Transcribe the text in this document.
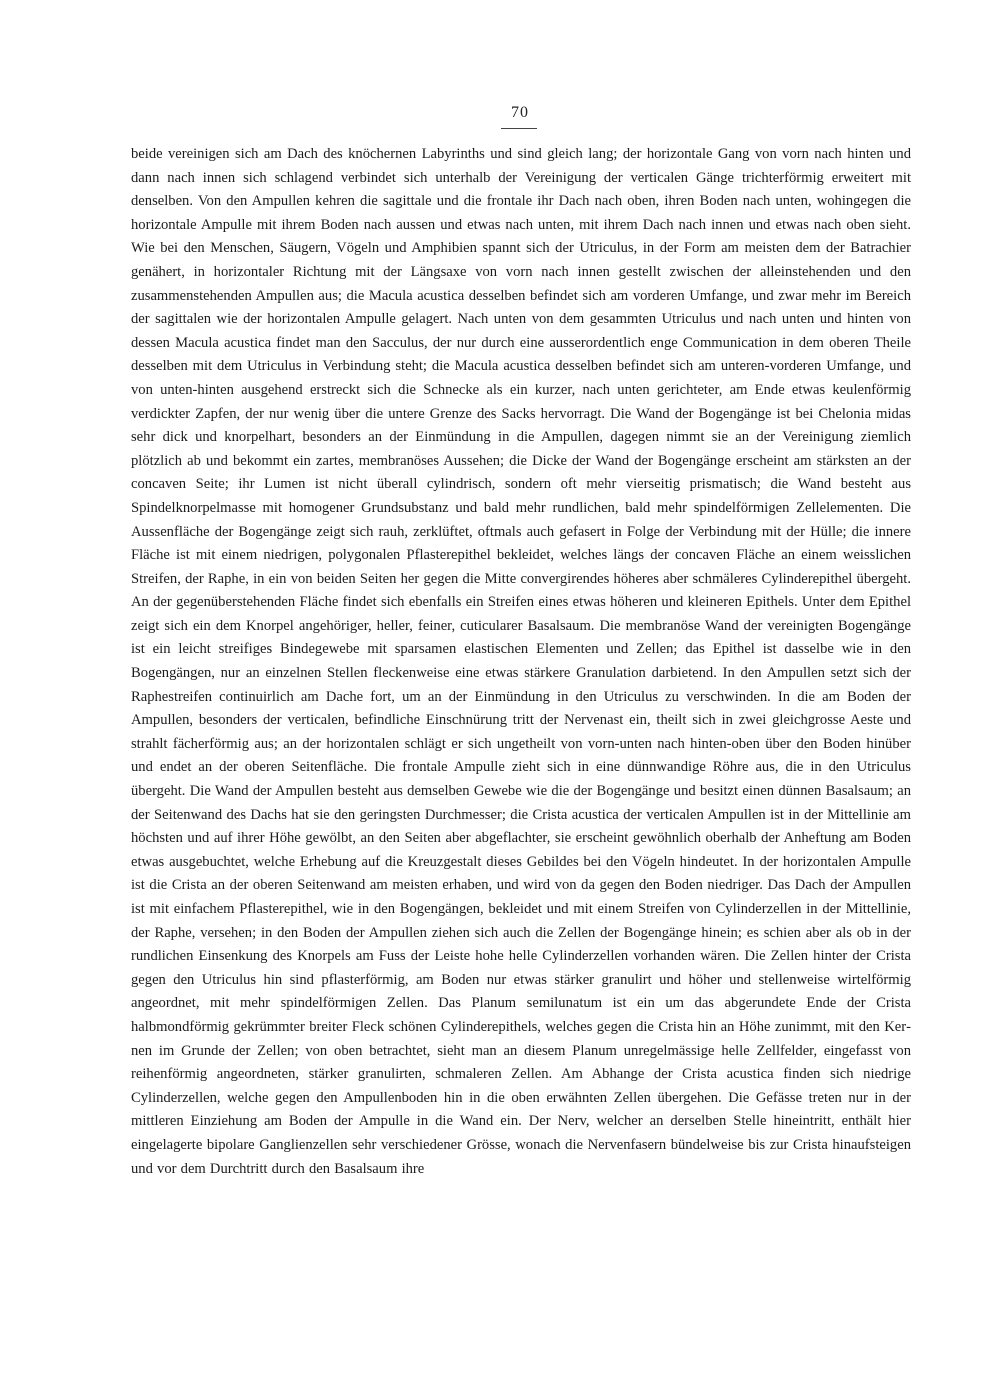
70

beide vereinigen sich am Dach des knöchernen Labyrinths und sind gleich lang; der horizontale Gang von vorn nach hinten und dann nach innen sich schlagend verbindet sich unterhalb der Vereinigung der verticalen Gänge trichterförmig erweitert mit denselben. Von den Ampullen kehren die sagittale und die frontale ihr Dach nach oben, ihren Boden nach unten, wohingegen die horizontale Ampulle mit ihrem Boden nach aussen und etwas nach unten, mit ihrem Dach nach innen und etwas nach oben sieht. Wie bei den Menschen, Säugern, Vögeln und Amphibien spannt sich der Utriculus, in der Form am meisten dem der Batrachier genähert, in horizontaler Richtung mit der Längsaxe von vorn nach innen gestellt zwischen der alleinstehenden und den zusammenstehenden Ampullen aus; die Macula acustica desselben befindet sich am vorderen Umfange, und zwar mehr im Bereich der sagittalen wie der horizontalen Ampulle gelagert. Nach unten von dem gesammten Utriculus und nach unten und hinten von dessen Macula acustica findet man den Sacculus, der nur durch eine ausserordentlich enge Communication in dem oberen Theile desselben mit dem Utriculus in Verbindung steht; die Macula acustica desselben befindet sich am unteren-vorderen Umfange, und von unten-hinten ausgehend erstreckt sich die Schnecke als ein kurzer, nach unten gerichteter, am Ende etwas keulenförmig verdickter Zapfen, der nur wenig über die untere Grenze des Sacks hervorragt. Die Wand der Bogengänge ist bei Chelonia midas sehr dick und knorpelhart, besonders an der Einmündung in die Ampullen, dagegen nimmt sie an der Vereinigung ziemlich plötzlich ab und bekommt ein zartes, membranöses Aussehen; die Dicke der Wand der Bogengänge erscheint am stärksten an der concaven Seite; ihr Lumen ist nicht überall cylindrisch, sondern oft mehr vierseitig prismatisch; die Wand besteht aus Spindelknorpelmasse mit homogener Grundsubstanz und bald mehr rundlichen, bald mehr spindelförmigen Zellelementen. Die Aussenfläche der Bogengänge zeigt sich rauh, zerklüftet, oftmals auch gefasert in Folge der Verbindung mit der Hülle; die innere Fläche ist mit einem niedrigen, polygonalen Pflasterepithel bekleidet, welches längs der concaven Fläche an einem weisslichen Streifen, der Raphe, in ein von beiden Seiten her gegen die Mitte convergirendes höheres aber schmäleres Cylinderepithel übergeht. An der gegenüberstehenden Fläche findet sich ebenfalls ein Streifen eines etwas höheren und kleineren Epithels. Unter dem Epithel zeigt sich ein dem Knorpel angehöriger, heller, feiner, cuticularer Basalsaum. Die membranöse Wand der vereinigten Bogengänge ist ein leicht streifiges Bindegewebe mit sparsamen elastischen Elementen und Zellen; das Epithel ist dasselbe wie in den Bogengängen, nur an einzelnen Stellen fleckenweise eine etwas stärkere Granulation darbietend. In den Ampullen setzt sich der Raphestreifen continuirlich am Dache fort, um an der Einmündung in den Utriculus zu verschwinden. In die am Boden der Ampullen, besonders der verticalen, befindliche Einschnürung tritt der Nervenast ein, theilt sich in zwei gleichgrosse Aeste und strahlt fächerförmig aus; an der horizontalen schlägt er sich ungetheilt von vorn-unten nach hinten-oben über den Boden hinüber und endet an der oberen Seitenfläche. Die frontale Ampulle zieht sich in eine dünnwandige Röhre aus, die in den Utriculus übergeht. Die Wand der Ampullen besteht aus demselben Gewebe wie die der Bogengänge und besitzt einen dünnen Basalsaum; an der Seitenwand des Dachs hat sie den geringsten Durchmesser; die Crista acustica der verticalen Ampullen ist in der Mittellinie am höchsten und auf ihrer Höhe gewölbt, an den Seiten aber abgeflachter, sie erscheint gewöhnlich oberhalb der Anheftung am Boden etwas ausgebuchtet, welche Erhebung auf die Kreuzgestalt dieses Gebildes bei den Vögeln hindeutet. In der horizontalen Ampulle ist die Crista an der oberen Seitenwand am meisten erhaben, und wird von da gegen den Boden niedriger. Das Dach der Ampullen ist mit einfachem Pflasterepithel, wie in den Bogengängen, bekleidet und mit einem Streifen von Cylinderzellen in der Mittellinie, der Raphe, versehen; in den Boden der Ampullen ziehen sich auch die Zellen der Bogengänge hinein; es schien aber als ob in der rundlichen Einsenkung des Knorpels am Fuss der Leiste hohe helle Cylinderzellen vorhanden wären. Die Zellen hinter der Crista gegen den Utriculus hin sind pflasterförmig, am Boden nur etwas stärker granulirt und höher und stellenweise wirtelförmig angeordnet, mit mehr spindelförmigen Zellen. Das Planum semilunatum ist ein um das abgerundete Ende der Crista halbmondförmig gekrümmter breiter Fleck schönen Cylinderepithels, welches gegen die Crista hin an Höhe zunimmt, mit den Kernen im Grunde der Zellen; von oben betrachtet, sieht man an diesem Planum unregelmässige helle Zellfelder, eingefasst von reihenförmig angeordneten, stärker granulirten, schmaleren Zellen. Am Abhange der Crista acustica finden sich niedrige Cylinderzellen, welche gegen den Ampullenboden hin in die oben erwähnten Zellen übergehen. Die Gefässe treten nur in der mittleren Einziehung am Boden der Ampulle in die Wand ein. Der Nerv, welcher an derselben Stelle hineintritt, enthält hier eingelagerte bipolare Ganglienzellen sehr verschiedener Grösse, wonach die Nervenfasern bündelweise bis zur Crista hinaufsteigen und vor dem Durchtritt durch den Basalsaum ihre
